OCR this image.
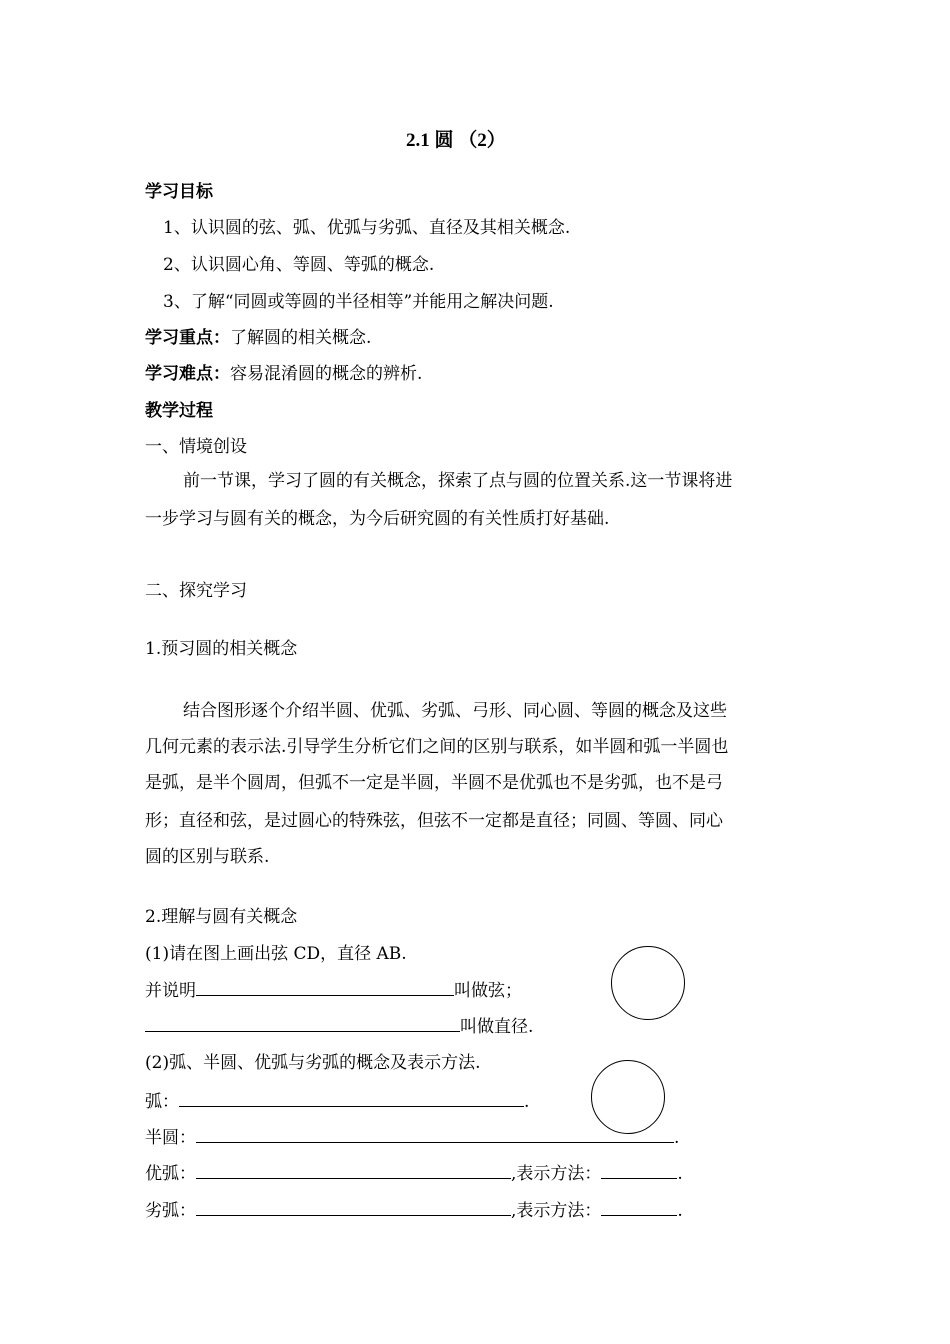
2.1 圆 （2）
学习目标
1、认识圆的弦、弧、优弧与劣弧、直径及其相关概念.
2、认识圆心角、等圆、等弧的概念.
3、了解“同圆或等圆的半径相等”并能用之解决问题.
学习重点：了解圆的相关概念.
学习难点：容易混淆圆的概念的辨析.
教学过程
一、情境创设
前一节课，学习了圆的有关概念，探索了点与圆的位置关系.这一节课将进
一步学习与圆有关的概念，为今后研究圆的有关性质打好基础.
二、探究学习
1.预习圆的相关概念
结合图形逐个介绍半圆、优弧、劣弧、弓形、同心圆、等圆的概念及这些
几何元素的表示法.引导学生分析它们之间的区别与联系，如半圆和弧一半圆也
是弧，是半个圆周，但弧不一定是半圆，半圆不是优弧也不是劣弧，也不是弓
形；直径和弦，是过圆心的特殊弦，但弦不一定都是直径；同圆、等圆、同心
圆的区别与联系.
2.理解与圆有关概念
(1)请在图上画出弦 CD，直径 AB.
并说明	叫做弦；
叫做直径.
(2)弧、半圆、优弧与劣弧的概念及表示方法.
弧：	.
半圆：	.
优弧：	,表示方法：	.
劣弧：	,表示方法：	.
